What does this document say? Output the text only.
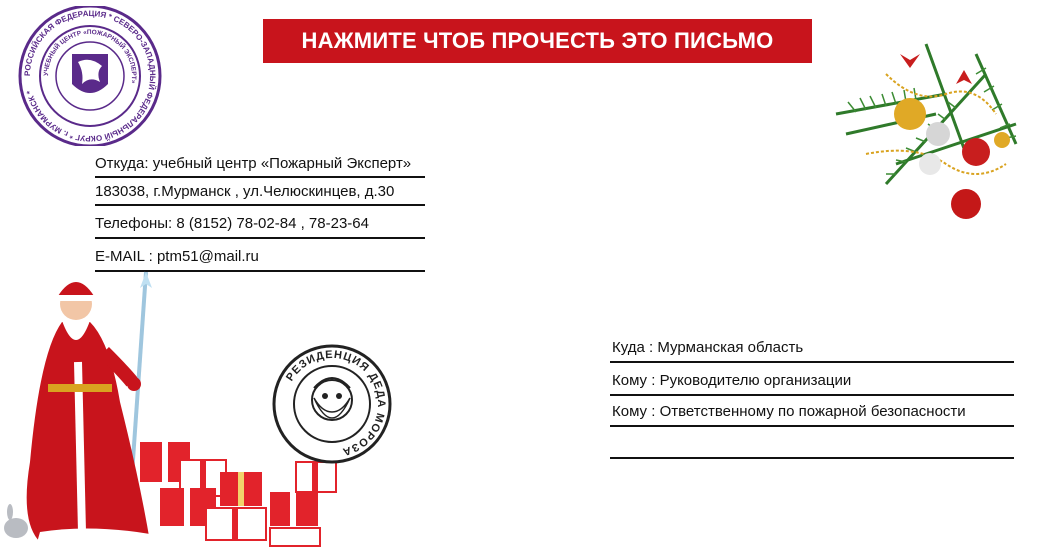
РОССИЙСКАЯ ФЕДЕРАЦИЯ * СЕВЕРО-ЗАПАДНЫЙ ФЕДЕРАЛЬНЫЙ ОКРУГ * г. МУРМАНСК *
УЧЕБНЫЙ ЦЕНТР «ПОЖАРНЫЙ ЭКСПЕРТ»
НАЖМИТЕ ЧТОБ ПРОЧЕСТЬ ЭТО ПИСЬМО
Откуда: учебный центр «Пожарный Эксперт»
183038, г.Мурманск , ул.Челюскинцев, д.30
Телефоны: 8 (8152) 78-02-84 , 78-23-64
E-MAIL : ptm51@mail.ru
РЕЗИДЕНЦИЯ ДЕДА МОРОЗА
Куда : Мурманская область
Кому : Руководителю организации
Кому : Ответственному по пожарной безопасности
